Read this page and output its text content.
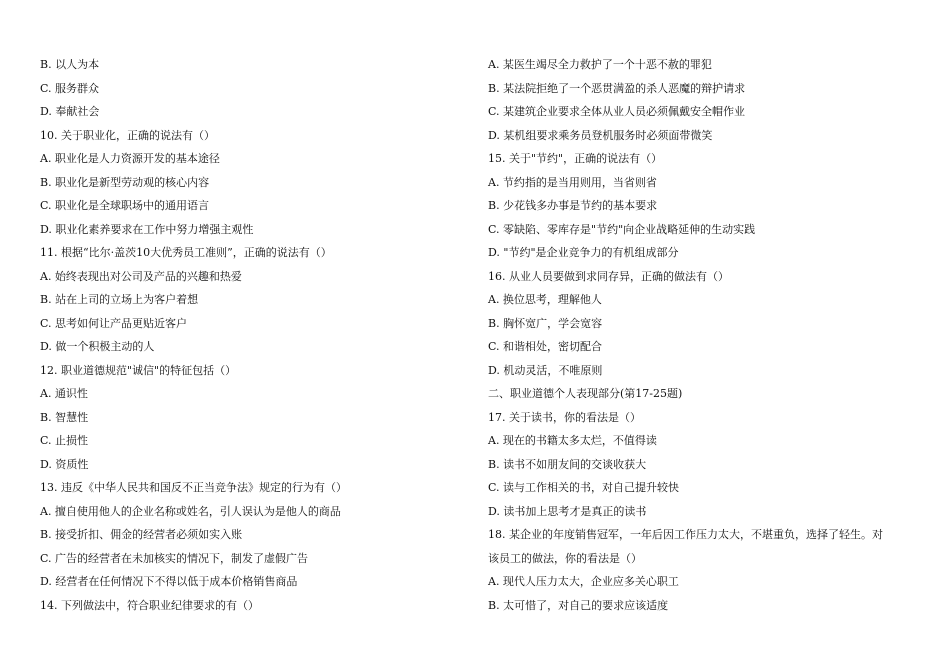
B. 以人为本
C. 服务群众
D. 奉献社会
10. 关于职业化，正确的说法有（）
A. 职业化是人力资源开发的基本途径
B. 职业化是新型劳动观的核心内容
C. 职业化是全球职场中的通用语言
D. 职业化素养要求在工作中努力增强主观性
11. 根据“比尔·盖茨10大优秀员工准则”，正确的说法有（）
A. 始终表现出对公司及产品的兴趣和热爱
B. 站在上司的立场上为客户着想
C. 思考如何让产品更贴近客户
D. 做一个积极主动的人
12. 职业道德规范"诚信"的特征包括（）
A. 通识性
B. 智慧性
C. 止损性
D. 资质性
13. 违反《中华人民共和国反不正当竞争法》规定的行为有（）
A. 擅自使用他人的企业名称或姓名，引人误认为是他人的商品
B. 接受折扣、佣金的经营者必须如实入账
C. 广告的经营者在未加核实的情况下，制发了虚假广告
D. 经营者在任何情况下不得以低于成本价格销售商品
14. 下列做法中，符合职业纪律要求的有（）
A. 某医生竭尽全力救护了一个十恶不赦的罪犯
B. 某法院拒绝了一个恶贯满盈的杀人恶魔的辩护请求
C. 某建筑企业要求全体从业人员必须佩戴安全帽作业
D. 某机组要求乘务员登机服务时必须面带微笑
15. 关于"节约"，正确的说法有（）
A. 节约指的是当用则用，当省则省
B. 少花钱多办事是节约的基本要求
C. 零缺陷、零库存是"节约"向企业战略延伸的生动实践
D. "节约"是企业竞争力的有机组成部分
16. 从业人员要做到求同存异，正确的做法有（）
A. 换位思考，理解他人
B. 胸怀宽广，学会宽容
C. 和谐相处，密切配合
D. 机动灵活，不唯原则
二、职业道德个人表现部分(第17-25题)
17. 关于读书，你的看法是（）
A. 现在的书籍太多太烂，不值得读
B. 读书不如朋友间的交谈收获大
C. 读与工作相关的书，对自己提升较快
D. 读书加上思考才是真正的读书
18. 某企业的年度销售冠军，一年后因工作压力太大，不堪重负，选择了轻生。对
该员工的做法，你的看法是（）
A. 现代人压力太大，企业应多关心职工
B. 太可惜了，对自己的要求应该适度
